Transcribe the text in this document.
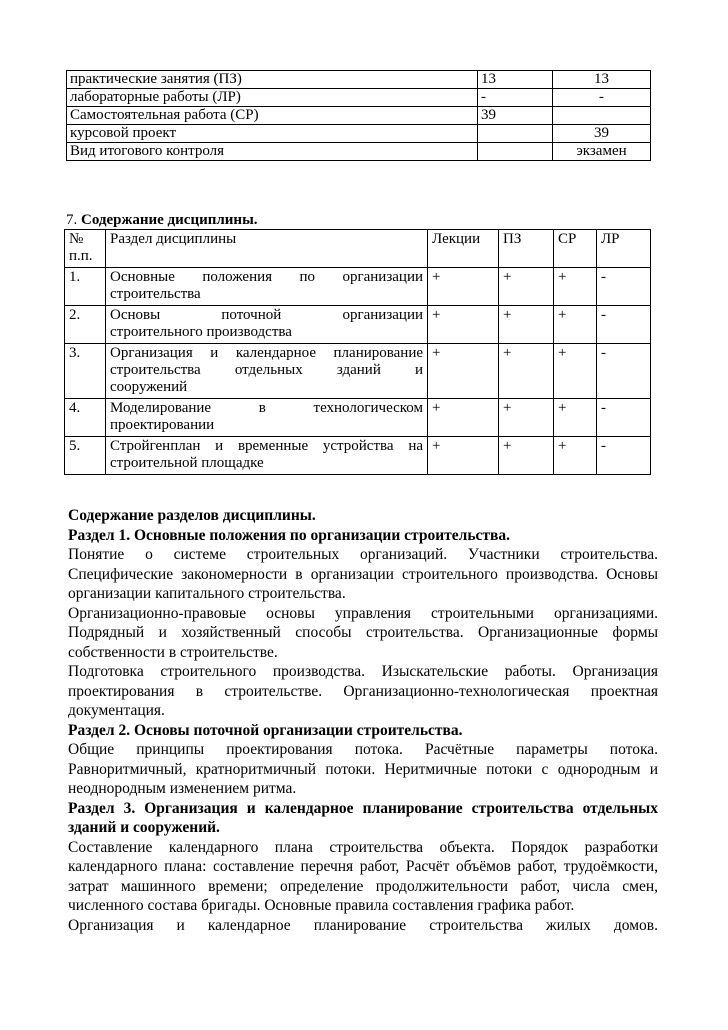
практические занятия (ПЗ)	13	13
лабораторные работы (ЛР)	-	-
Самостоятельная работа (СР)	39	
курсовой проект		39
Вид итогового контроля		экзамен
7. Содержание дисциплины.
№
п.п.	Раздел дисциплины	Лекции	ПЗ	СР	ЛР
1.	Основные положения по организации
строительства	+	+	+	-
2.	Основы поточной организации
строительного производства	+	+	+	-
3.	Организация и календарное планирование
строительства отдельных зданий и
сооружений	+	+	+	-
4.	Моделирование в технологическом
проектировании	+	+	+	-
5.	Стройгенплан и временные устройства на
строительной площадке	+	+	+	-

Содержание разделов дисциплины.

Раздел 1. Основные положения по организации строительства.

Понятие о системе строительных организаций. Участники строительства. Специфические закономерности в организации строительного производства. Основы организации капитального строительства.

Организационно-правовые основы управления строительными организациями. Подрядный и хозяйственный способы строительства. Организационные формы собственности в строительстве.

Подготовка строительного производства. Изыскательские работы. Организация проектирования в строительстве. Организационно-технологическая проектная документация.

Раздел 2. Основы поточной организации строительства.

Общие принципы проектирования потока. Расчётные параметры потока. Равноритмичный, кратноритмичный потоки. Неритмичные потоки с однородным и неоднородным изменением ритма.

Раздел 3. Организация и календарное планирование строительства отдельных зданий и сооружений.

Составление календарного плана строительства объекта. Порядок разработки календарного плана: составление перечня работ, Расчёт объёмов работ, трудоёмкости, затрат машинного времени; определение продолжительности работ, числа смен, численного состава бригады. Основные правила составления графика работ.

Организация и календарное планирование строительства жилых домов.
